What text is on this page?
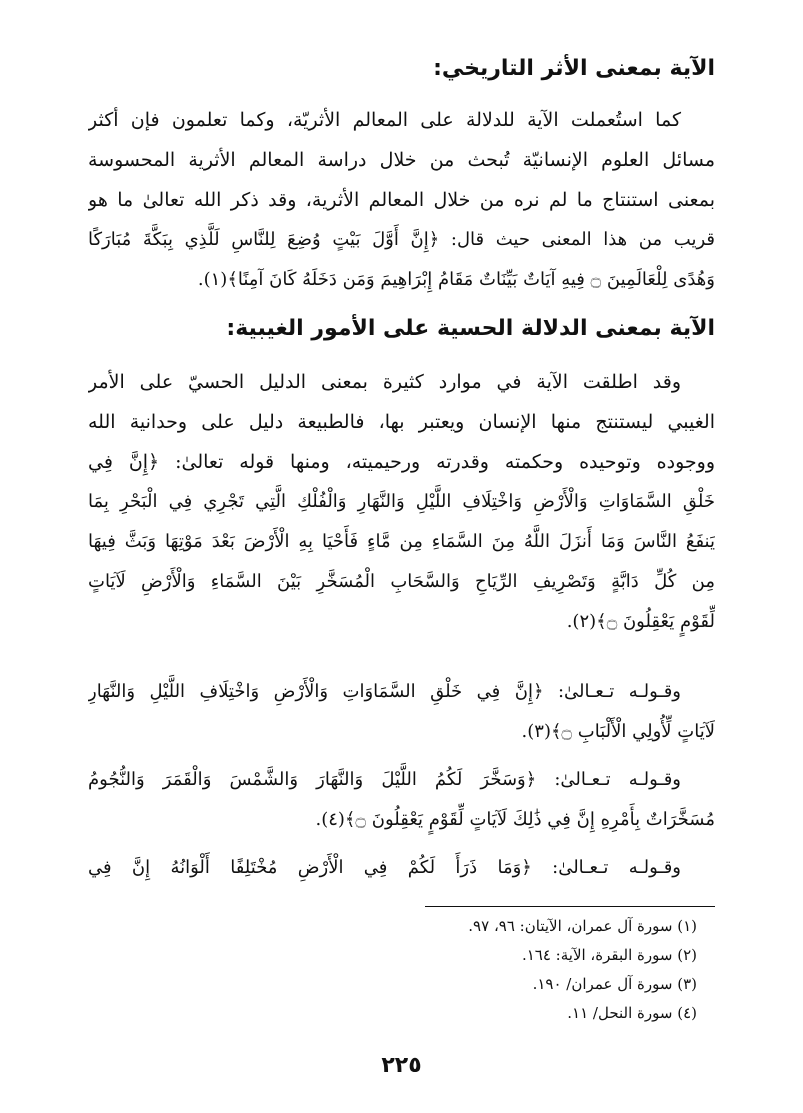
الآية بمعنى الأثر التاريخي:
كما استُعملت الآية للدلالة على المعالم الأثريّة، وكما تعلمون فإن أكثر
مسائل العلوم الإنسانيّة تُبحث من خلال دراسة المعالم الأثرية المحسوسة
بمعنى استنتاج ما لم نره من خلال المعالم الأثرية، وقد ذكر الله تعالىٰ ما هو
قريب من هذا المعنى حيث قال: ﴿إِنَّ أَوَّلَ بَيْتٍ وُضِعَ لِلنَّاسِ لَلَّذِي بِبَكَّةَ مُبَارَكًا
وَهُدًى لِلْعَالَمِينَ ۝ فِيهِ آيَاتٌ بَيِّنَاتٌ مَقَامُ إِبْرَاهِيمَ وَمَن دَخَلَهُ كَانَ آمِنًا﴾(١).
الآية بمعنى الدلالة الحسية على الأمور الغيبية:
وقد اطلقت الآية في موارد كثيرة بمعنى الدليل الحسيّ على الأمر
الغيبي ليستنتج منها الإنسان ويعتبر بها، فالطبيعة دليل على وحدانية الله
ووجوده وتوحيده وحكمته وقدرته ورحيميته، ومنها قوله تعالىٰ: ﴿إِنَّ فِي
خَلْقِ السَّمَاوَاتِ وَالْأَرْضِ وَاخْتِلَافِ اللَّيْلِ وَالنَّهَارِ وَالْفُلْكِ الَّتِي تَجْرِي فِي الْبَحْرِ بِمَا
يَنفَعُ النَّاسَ وَمَا أَنزَلَ اللَّهُ مِنَ السَّمَاءِ مِن مَّاءٍ فَأَحْيَا بِهِ الْأَرْضَ بَعْدَ مَوْتِهَا وَبَثَّ فِيهَا
مِن كُلِّ دَابَّةٍ وَتَصْرِيفِ الرِّيَاحِ وَالسَّحَابِ الْمُسَخَّرِ بَيْنَ السَّمَاءِ وَالْأَرْضِ لَآيَاتٍ
لِّقَوْمٍ يَعْقِلُونَ ۝﴾(٢).
وقـولـه تـعـالىٰ: ﴿إِنَّ فِي خَلْقِ السَّمَاوَاتِ وَالْأَرْضِ وَاخْتِلَافِ اللَّيْلِ وَالنَّهَارِ
لَآيَاتٍ لِّأُولِي الْأَلْبَابِ ۝﴾(٣).
وقـولـه تـعـالىٰ: ﴿وَسَخَّرَ لَكُمُ اللَّيْلَ وَالنَّهَارَ وَالشَّمْسَ وَالْقَمَرَ وَالنُّجُومُ
مُسَخَّرَاتٌ بِأَمْرِهِ إِنَّ فِي ذَٰلِكَ لَآيَاتٍ لِّقَوْمٍ يَعْقِلُونَ ۝﴾(٤).
وقـولـه تـعـالىٰ: ﴿وَمَا ذَرَأَ لَكُمْ فِي الْأَرْضِ مُخْتَلِفًا أَلْوَانُهُ إِنَّ فِي
(١) سورة آل عمران، الآيتان: ٩٦، ٩٧.
(٢) سورة البقرة، الآية: ١٦٤.
(٣) سورة آل عمران/ ١٩٠.
(٤) سورة النحل/ ١١.
٢٢٥
